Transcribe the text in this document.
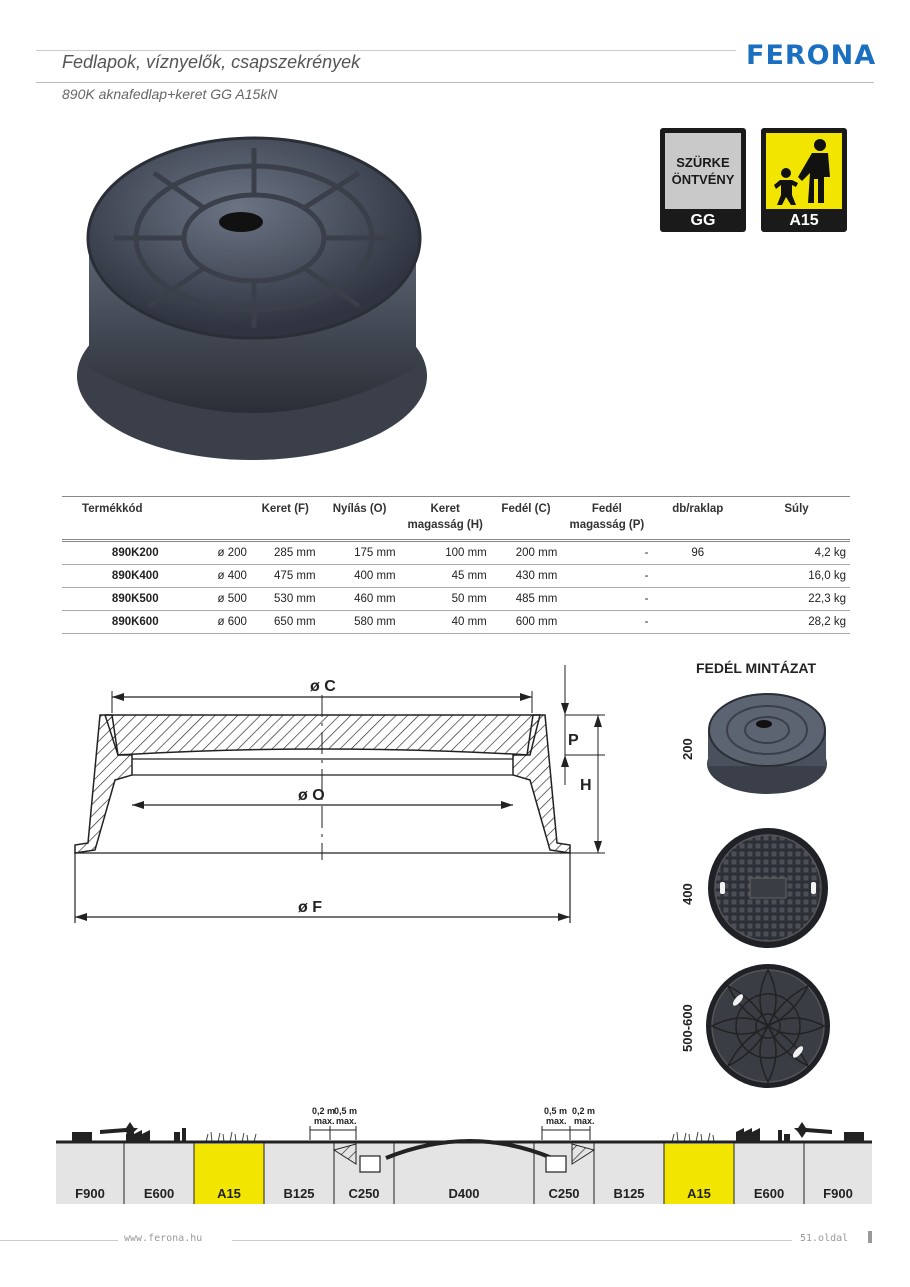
Fedlapok, víznyelők, csapszekrények
890K aknafedlap+keret GG A15kN
FERONA
SZÜRKE
ÖNTVÉNY
GG	A15
Termékkód		Keret (F)	Nyílás (O)	Keret magasság (H)	Fedél (C)	Fedél magasság (P)	db/raklap	Súly
890K200	ø 200	285 mm	175 mm	100 mm	200 mm	-	96	4,2 kg
890K400	ø 400	475 mm	400 mm	45 mm	430 mm	-		16,0 kg
890K500	ø 500	530 mm	460 mm	50 mm	485 mm	-		22,3 kg
890K600	ø 600	650 mm	580 mm	40 mm	600 mm	-		28,2 kg
ø C
ø O
ø F
P
H
FEDÉL MINTÁZAT
200
400
500-600
0,2 m
max.
0,5 m
max.
0,5 m
max.
0,2 m
max.
F900	E600	A15	B125	C250	D400	C250	B125	A15	E600	F900
www.ferona.hu	51.oldal
